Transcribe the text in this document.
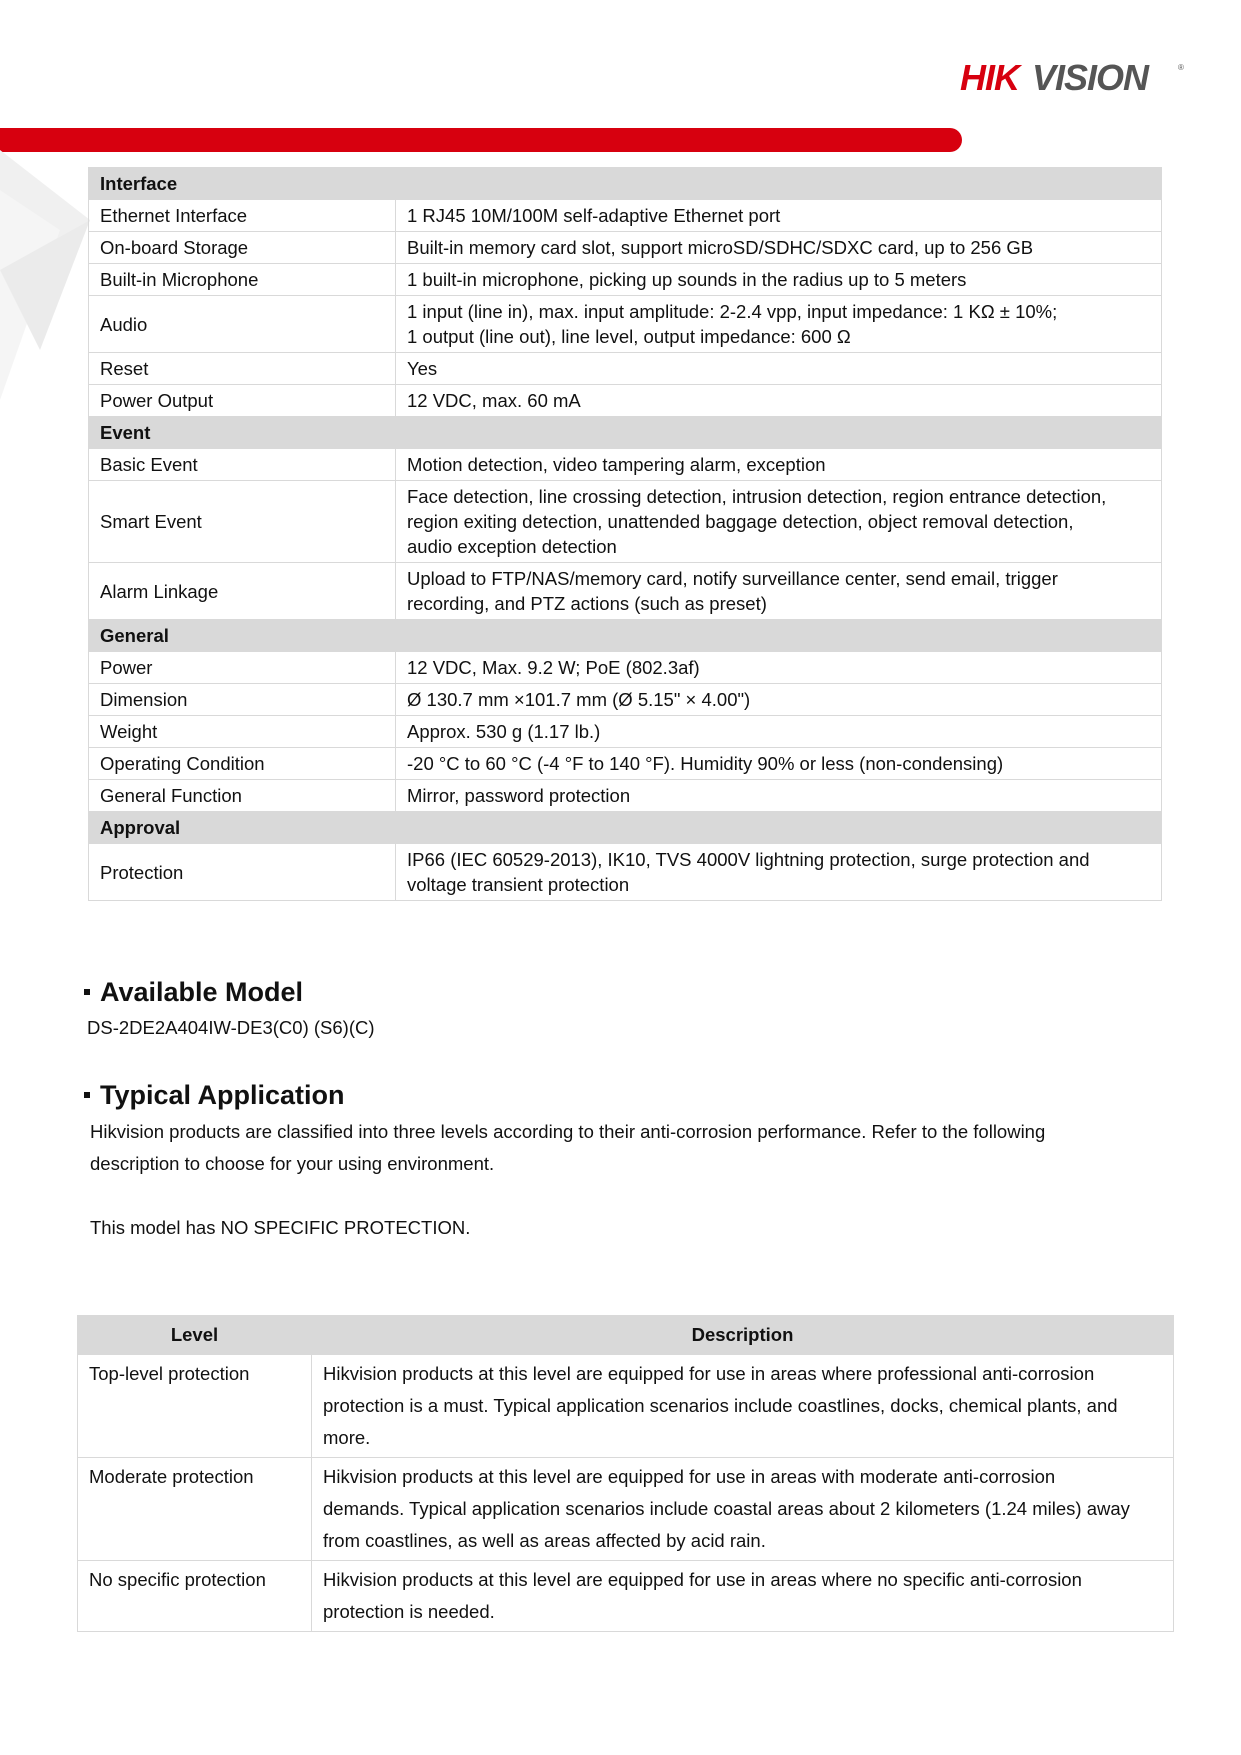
HIK VISION	®
Interface	
Ethernet Interface	1 RJ45 10M/100M self-adaptive Ethernet port

On-board Storage	Built-in memory card slot, support microSD/SDHC/SDXC card, up to 256 GB

Built-in Microphone	1 built-in microphone, picking up sounds in the radius up to 5 meters

Audio	1 input (line in), max. input amplitude: 2-2.4 vpp, input impedance: 1 KΩ ± 10%;
1 output (line out), line level, output impedance: 600 Ω

Reset	Yes

Power Output	12 VDC, max. 60 mA

Event	
Basic Event	Motion detection, video tampering alarm, exception

Smart Event	Face detection, line crossing detection, intrusion detection, region entrance detection,
region exiting detection, unattended baggage detection, object removal detection,
audio exception detection

Alarm Linkage	Upload to FTP/NAS/memory card, notify surveillance center, send email, trigger
recording, and PTZ actions (such as preset)

General	
Power	12 VDC, Max. 9.2 W; PoE (802.3af)

Dimension	Ø 130.7 mm ×101.7 mm (Ø 5.15" × 4.00")

Weight	Approx. 530 g (1.17 lb.)

Operating Condition	-20 °C to 60 °C (-4 °F to 140 °F). Humidity 90% or less (non-condensing)

General Function	Mirror, password protection

Approval	
Protection	IP66 (IEC 60529-2013), IK10, TVS 4000V lightning protection, surge protection and
voltage transient protection
Available Model
DS-2DE2A404IW-DE3(C0) (S6)(C)
Typical Application
Hikvision products are classified into three levels according to their anti-corrosion performance. Refer to the following
description to choose for your using environment.
This model has NO SPECIFIC PROTECTION.
Level	Description
Top-level protection	Hikvision products at this level are equipped for use in areas where professional anti-corrosion
protection is a must. Typical application scenarios include coastlines, docks, chemical plants, and
more.

Moderate protection	Hikvision products at this level are equipped for use in areas with moderate anti-corrosion
demands. Typical application scenarios include coastal areas about 2 kilometers (1.24 miles) away
from coastlines, as well as areas affected by acid rain.

No specific protection	Hikvision products at this level are equipped for use in areas where no specific anti-corrosion
protection is needed.
